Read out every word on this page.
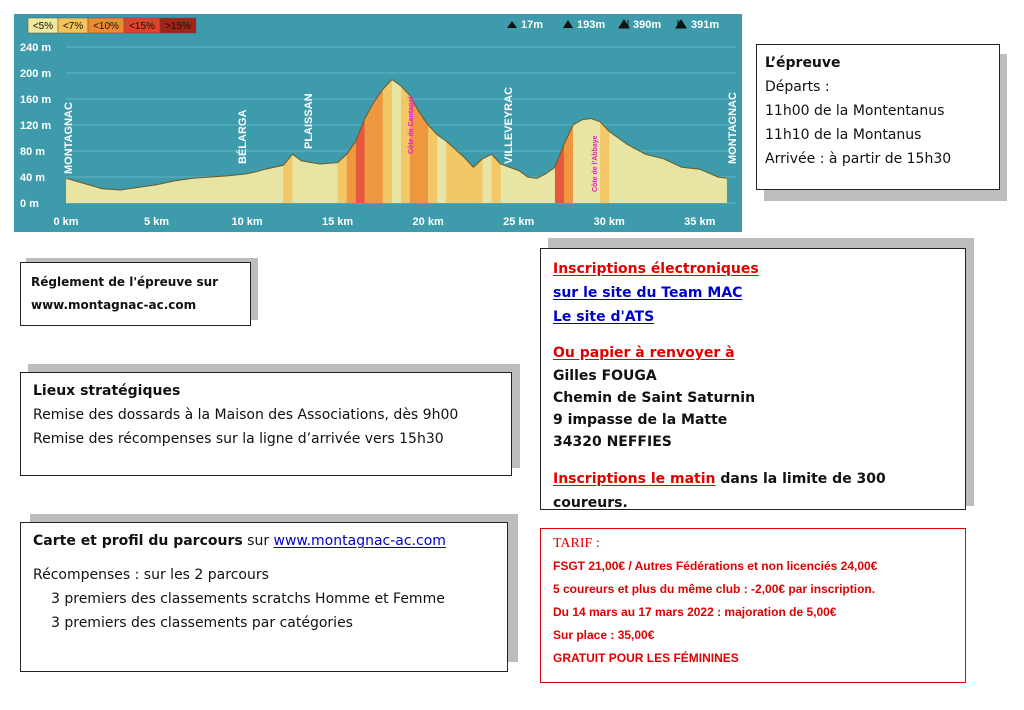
240 m
200 m
160 m
120 m
80 m
40 m
0 m
0 km	5 km	10 km	15 km	20 km	25 km	30 km	35 km
<5% <7% <10% <15% >15%	17m	193m	390m	391m
MONTAGNAC	BÉLARGA	PLAISSAN	VILLEVEYRAC	MONTAGNAC
Côte de Cantagal
Côte de l'Abbaye
L’épreuve
Départs :
11h00 de la Montentanus
11h10 de la Montanus
Arrivée : à partir de 15h30
Réglement de l'épreuve sur
www.montagnac-ac.com
Lieux stratégiques
Remise des dossards à la Maison des Associations, dès 9h00
Remise des récompenses sur la ligne d’arrivée vers 15h30
Carte et profil du parcours sur www.montagnac-ac.com
Récompenses : sur les 2 parcours
3 premiers des classements scratchs Homme et Femme
3 premiers des classements par catégories
Inscriptions électroniques
sur le site du Team MAC
Le site d'ATS
Ou papier à renvoyer à
Gilles FOUGA
Chemin de Saint Saturnin
9 impasse de la Matte
34320 NEFFIES
Inscriptions le matin dans la limite de 300 coureurs.
TARIF :
FSGT 21,00€ / Autres Fédérations et non licenciés 24,00€
5 coureurs et plus du même club : -2,00€ par inscription.
Du 14 mars au 17 mars 2022 : majoration de 5,00€
Sur place : 35,00€
GRATUIT POUR LES FÉMININES
